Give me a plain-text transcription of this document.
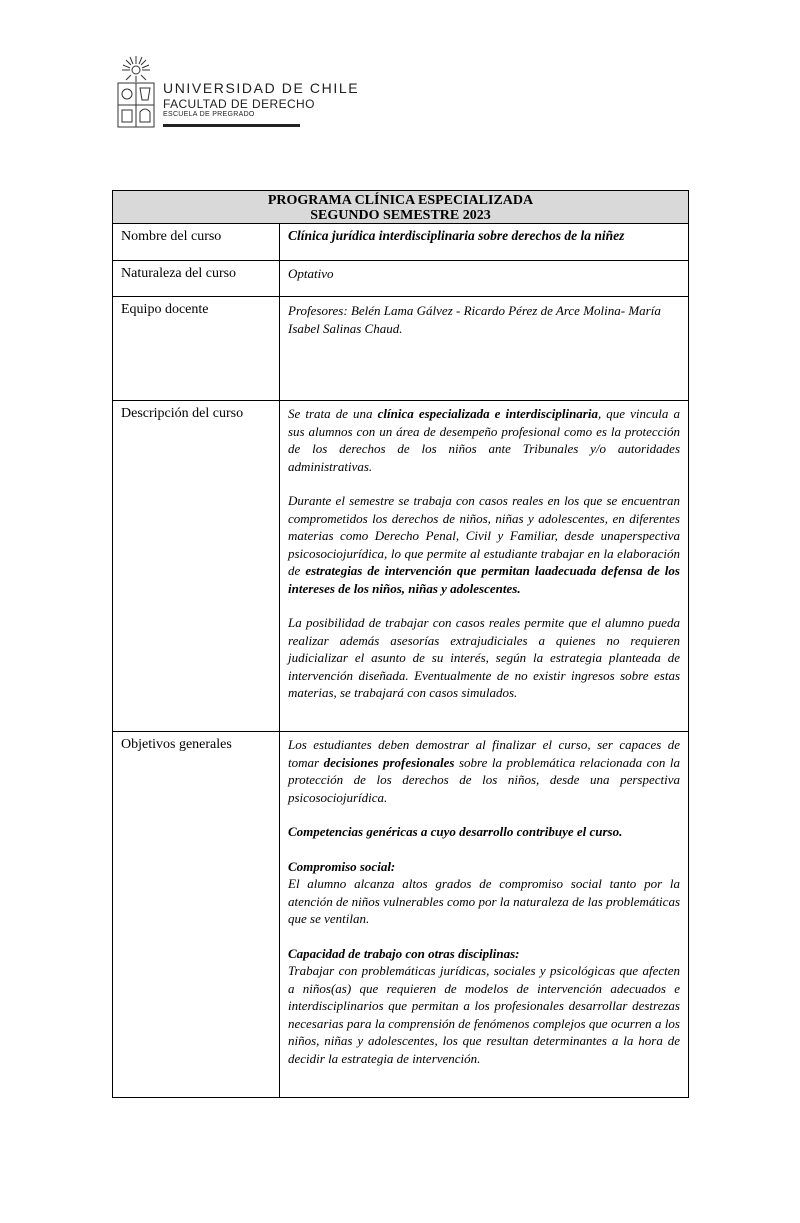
UNIVERSIDAD DE CHILE
FACULTAD DE DERECHO
ESCUELA DE PREGRADO
PROGRAMA CLÍNICA ESPECIALIZADA
SEGUNDO SEMESTRE 2023
Nombre del curso	Clínica jurídica interdisciplinaria sobre derechos de la niñez
Naturaleza del curso	Optativo
Equipo docente	Profesores: Belén Lama Gálvez - Ricardo Pérez de Arce Molina- María Isabel Salinas Chaud.
Descripción del curso	Se trata de una clínica especializada e interdisciplinaria, que vincula a sus alumnos con un área de desempeño profesional como es la protección de los derechos de los niños ante Tribunales y/o autoridades administrativas.

Durante el semestre se trabaja con casos reales en los que se encuentran comprometidos los derechos de niños, niñas y adolescentes, en diferentes materias como Derecho Penal, Civil y Familiar, desde unaperspectiva psicosociojurídica, lo que permite al estudiante trabajar en la elaboración de estrategias de intervención que permitan laadecuada defensa de los intereses de los niños, niñas y adolescentes.

La posibilidad de trabajar con casos reales permite que el alumno pueda realizar además asesorías extrajudiciales a quienes no requieren judicializar el asunto de su interés, según la estrategia planteada de intervención diseñada. Eventualmente de no existir ingresos sobre estas materias, se trabajará con casos simulados.

Objetivos generales	Los estudiantes deben demostrar al finalizar el curso, ser capaces de tomar decisiones profesionales sobre la problemática relacionada con la protección de los derechos de los niños, desde una perspectiva psicosociojurídica.

Competencias genéricas a cuyo desarrollo contribuye el curso.

Compromiso social:

El alumno alcanza altos grados de compromiso social tanto por la atención de niños vulnerables como por la naturaleza de las problemáticas que se ventilan.

Capacidad de trabajo con otras disciplinas:

Trabajar con problemáticas jurídicas, sociales y psicológicas que afecten a niños(as) que requieren de modelos de intervención adecuados e interdisciplinarios que permitan a los profesionales desarrollar destrezas necesarias para la comprensión de fenómenos complejos que ocurren a los niños, niñas y adolescentes, los que resultan determinantes a la hora de decidir la estrategia de intervención.
